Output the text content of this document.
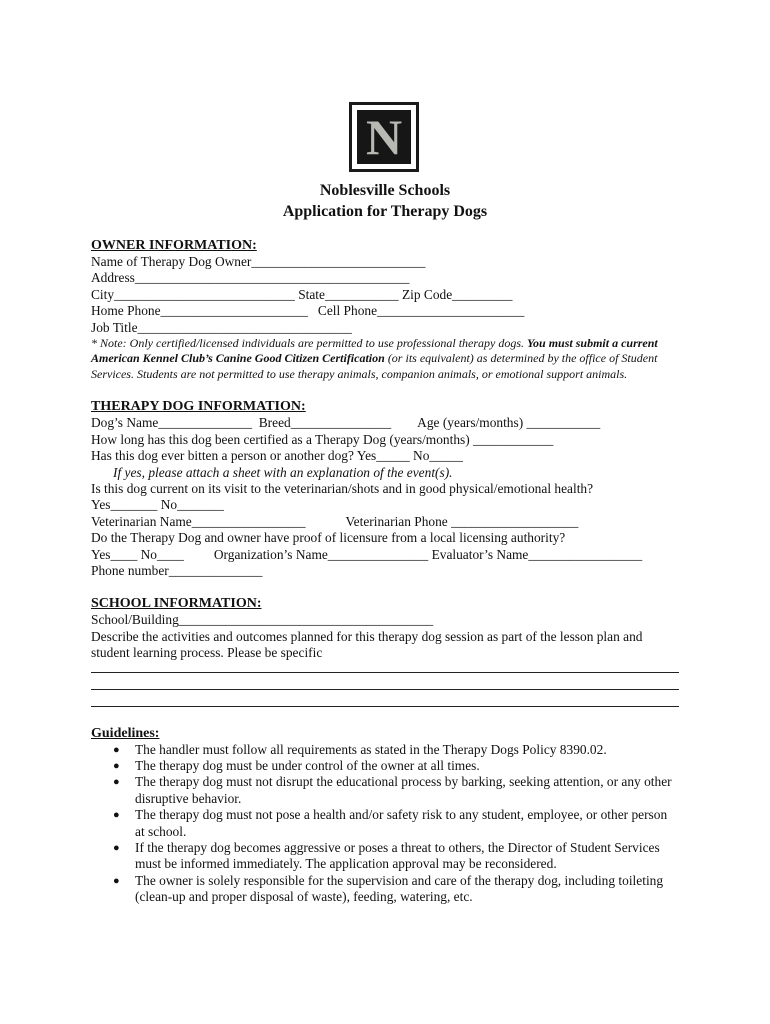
N
Noblesville Schools
Application for Therapy Dogs
OWNER INFORMATION:
Name of Therapy Dog Owner__________________________
Address_________________________________________
City___________________________ State___________ Zip Code_________
Home Phone______________________   Cell Phone______________________
Job Title________________________________
* Note: Only certified/licensed individuals are permitted to use professional therapy dogs. You must submit a current American Kennel Club’s Canine Good Citizen Certification (or its equivalent) as determined by the office of Student Services. Students are not permitted to use therapy animals, companion animals, or emotional support animals.
THERAPY DOG INFORMATION:
Dog’s Name______________  Breed_______________        Age (years/months) ___________
How long has this dog been certified as a Therapy Dog (years/months) ____________
Has this dog ever bitten a person or another dog? Yes_____ No_____
If yes, please attach a sheet with an explanation of the event(s).
Is this dog current on its visit to the veterinarian/shots and in good physical/emotional health?
Yes_______ No_______
Veterinarian Name_________________            Veterinarian Phone ___________________
Do the Therapy Dog and owner have proof of licensure from a local licensing authority?
Yes____ No____         Organization’s Name_______________ Evaluator’s Name_________________
Phone number______________
SCHOOL INFORMATION:
School/Building______________________________________
Describe the activities and outcomes planned for this therapy dog session as part of the lesson plan and student learning process. Please be specific
Guidelines:
● The handler must follow all requirements as stated in the Therapy Dogs Policy 8390.02.
● The therapy dog must be under control of the owner at all times.
● The therapy dog must not disrupt the educational process by barking, seeking attention, or any other disruptive behavior.
● The therapy dog must not pose a health and/or safety risk to any student, employee, or other person at school.
● If the therapy dog becomes aggressive or poses a threat to others, the Director of Student Services must be informed immediately. The application approval may be reconsidered.
● The owner is solely responsible for the supervision and care of the therapy dog, including toileting (clean-up and proper disposal of waste), feeding, watering, etc.
